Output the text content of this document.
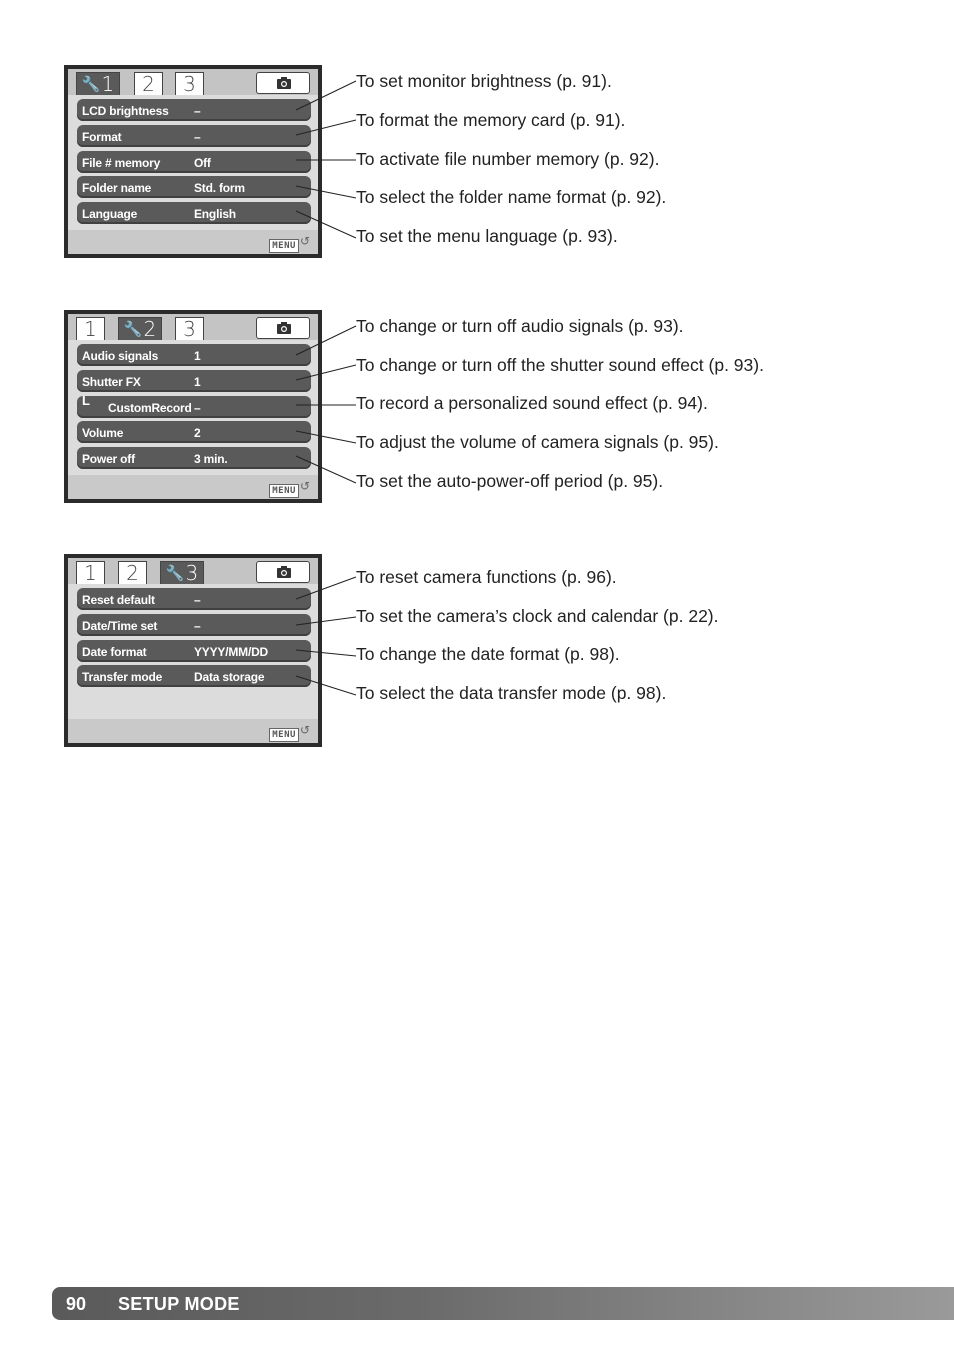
🔧1	2	3
LCD brightness –
Format	–
File # memory	Off
Folder name	Std. form
Language	English
MENU ↺
1	🔧2	3
Audio signals	1
Shutter FX	1
L CustomRecord –
Volume	2
Power off	3 min.
MENU ↺
1	2	🔧3
Reset default	–
Date/Time set	–
Date format	YYYY/MM/DD
Transfer mode	Data storage
MENU ↺
To set monitor brightness (p. 91).
To format the memory card (p. 91).
To activate file number memory (p. 92).
To select the folder name format (p. 92).
To set the menu language (p. 93).
To change or turn off audio signals (p. 93).
To change or turn off the shutter sound effect (p. 93).
To record a personalized sound effect (p. 94).
To adjust the volume of camera signals (p. 95).
To set the auto-power-off period (p. 95).
To reset camera functions (p. 96).
To set the camera’s clock and calendar (p. 22).
To change the date format (p. 98).
To select the data transfer mode (p. 98).
90 SETUP MODE
